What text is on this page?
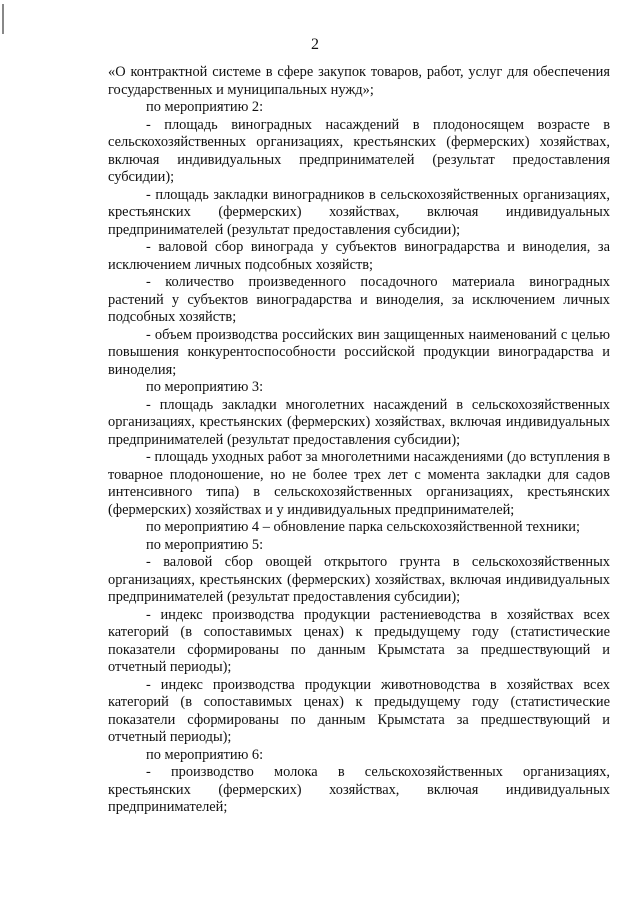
2

«О контрактной системе в сфере закупок товаров, работ, услуг для обеспечения государственных и муниципальных нужд»;

по мероприятию 2:

- площадь виноградных насаждений в плодоносящем возрасте в сельскохозяйственных организациях, крестьянских (фермерских) хозяйствах, включая индивидуальных предпринимателей (результат предоставления субсидии);

- площадь закладки виноградников в сельскохозяйственных организациях, крестьянских (фермерских) хозяйствах, включая индивидуальных предпринимателей (результат предоставления субсидии);

- валовой сбор винограда у субъектов виноградарства и виноделия, за исключением личных подсобных хозяйств;

- количество произведенного посадочного материала виноградных растений у субъектов виноградарства и виноделия, за исключением личных подсобных хозяйств;

- объем производства российских вин защищенных наименований с целью повышения конкурентоспособности российской продукции виноградарства и виноделия;

по мероприятию 3:

- площадь закладки многолетних насаждений в сельскохозяйственных организациях, крестьянских (фермерских) хозяйствах, включая индивидуальных предпринимателей (результат предоставления субсидии);

- площадь уходных работ за многолетними насаждениями (до вступления в товарное плодоношение, но не более трех лет с момента закладки для садов интенсивного типа) в сельскохозяйственных организациях, крестьянских (фермерских) хозяйствах и у индивидуальных предпринимателей;

по мероприятию 4 – обновление парка сельскохозяйственной техники;

по мероприятию 5:

- валовой сбор овощей открытого грунта в сельскохозяйственных организациях, крестьянских (фермерских) хозяйствах, включая индивидуальных предпринимателей (результат предоставления субсидии);

- индекс производства продукции растениеводства в хозяйствах всех категорий (в сопоставимых ценах) к предыдущему году (статистические показатели сформированы по данным Крымстата за предшествующий и отчетный периоды);

- индекс производства продукции животноводства в хозяйствах всех категорий (в сопоставимых ценах) к предыдущему году (статистические показатели сформированы по данным Крымстата за предшествующий и отчетный периоды);

по мероприятию 6:

- производство молока в сельскохозяйственных организациях, крестьянских (фермерских) хозяйствах, включая индивидуальных предпринимателей;
